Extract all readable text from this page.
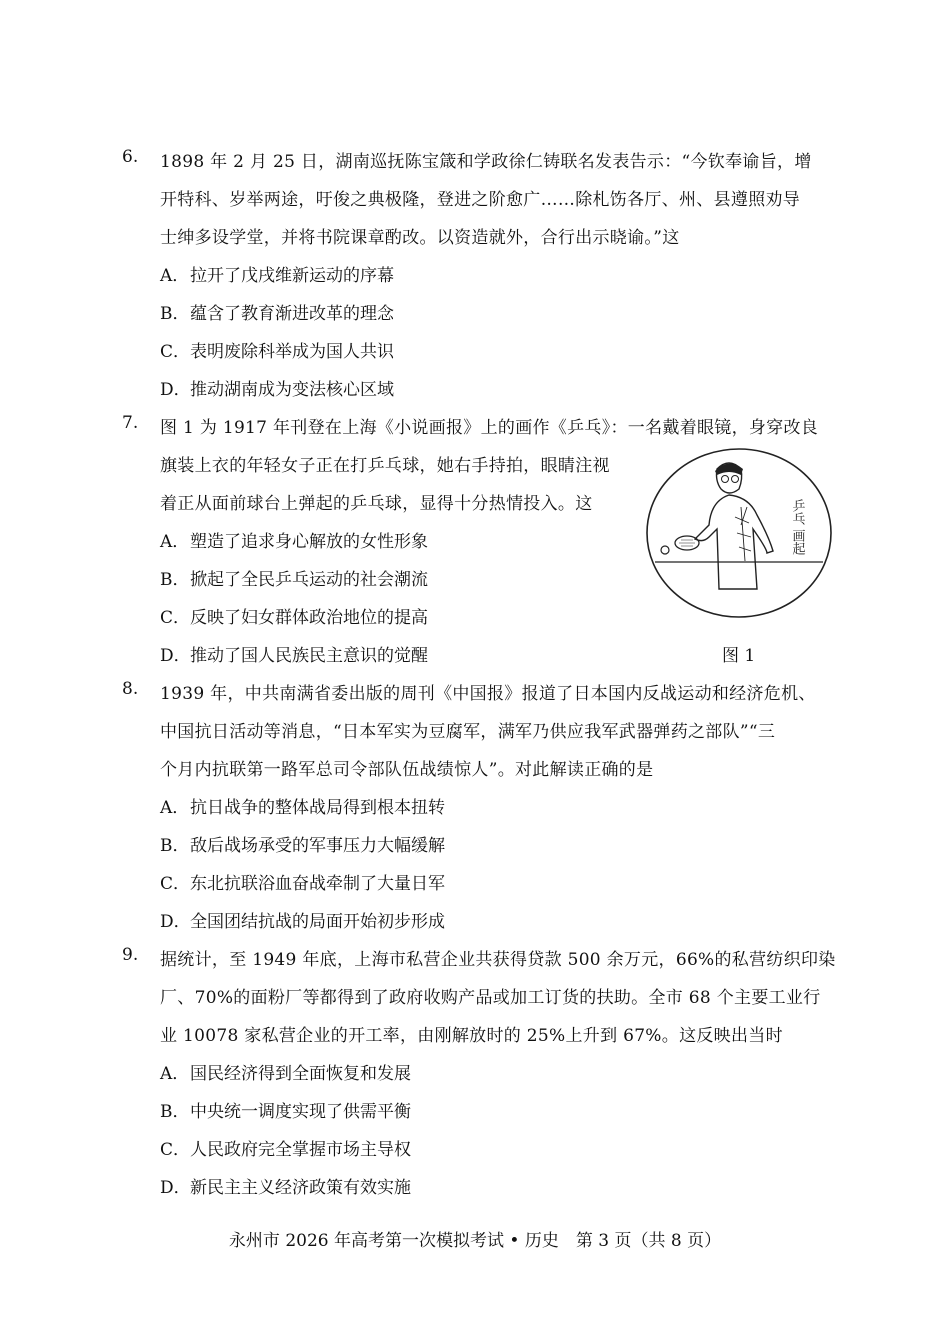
6. 1898 年 2 月 25 日，湖南巡抚陈宝箴和学政徐仁铸联名发表告示：“今钦奉谕旨，增
开特科、岁举两途，吁俊之典极隆，登进之阶愈广……除札饬各厅、州、县遵照劝导
士绅多设学堂，并将书院课章酌改。以资造就外，合行出示晓谕。”这
A．拉开了戊戌维新运动的序幕
B．蕴含了教育渐进改革的理念
C．表明废除科举成为国人共识
D．推动湖南成为变法核心区域
7. 图 1 为 1917 年刊登在上海《小说画报》上的画作《乒乓》：一名戴着眼镜，身穿改良
旗装上衣的年轻女子正在打乒乓球，她右手持拍，眼睛注视
着正从面前球台上弹起的乒乓球，显得十分热情投入。这
A．塑造了追求身心解放的女性形象
B．掀起了全民乒乓运动的社会潮流
C．反映了妇女群体政治地位的提高
D．推动了国人民族民主意识的觉醒
乒乓 画起
图 1
8. 1939 年，中共南满省委出版的周刊《中国报》报道了日本国内反战运动和经济危机、
中国抗日活动等消息，“日本军实为豆腐军，满军乃供应我军武器弹药之部队”“三
个月内抗联第一路军总司令部队伍战绩惊人”。对此解读正确的是
A．抗日战争的整体战局得到根本扭转
B．敌后战场承受的军事压力大幅缓解
C．东北抗联浴血奋战牵制了大量日军
D．全国团结抗战的局面开始初步形成
9. 据统计，至 1949 年底，上海市私营企业共获得贷款 500 余万元，66%的私营纺织印染
厂、70%的面粉厂等都得到了政府收购产品或加工订货的扶助。全市 68 个主要工业行
业 10078 家私营企业的开工率，由刚解放时的 25%上升到 67%。这反映出当时
A．国民经济得到全面恢复和发展
B．中央统一调度实现了供需平衡
C．人民政府完全掌握市场主导权
D．新民主主义经济政策有效实施
永州市 2026 年高考第一次模拟考试 • 历史　第 3 页（共 8 页）
